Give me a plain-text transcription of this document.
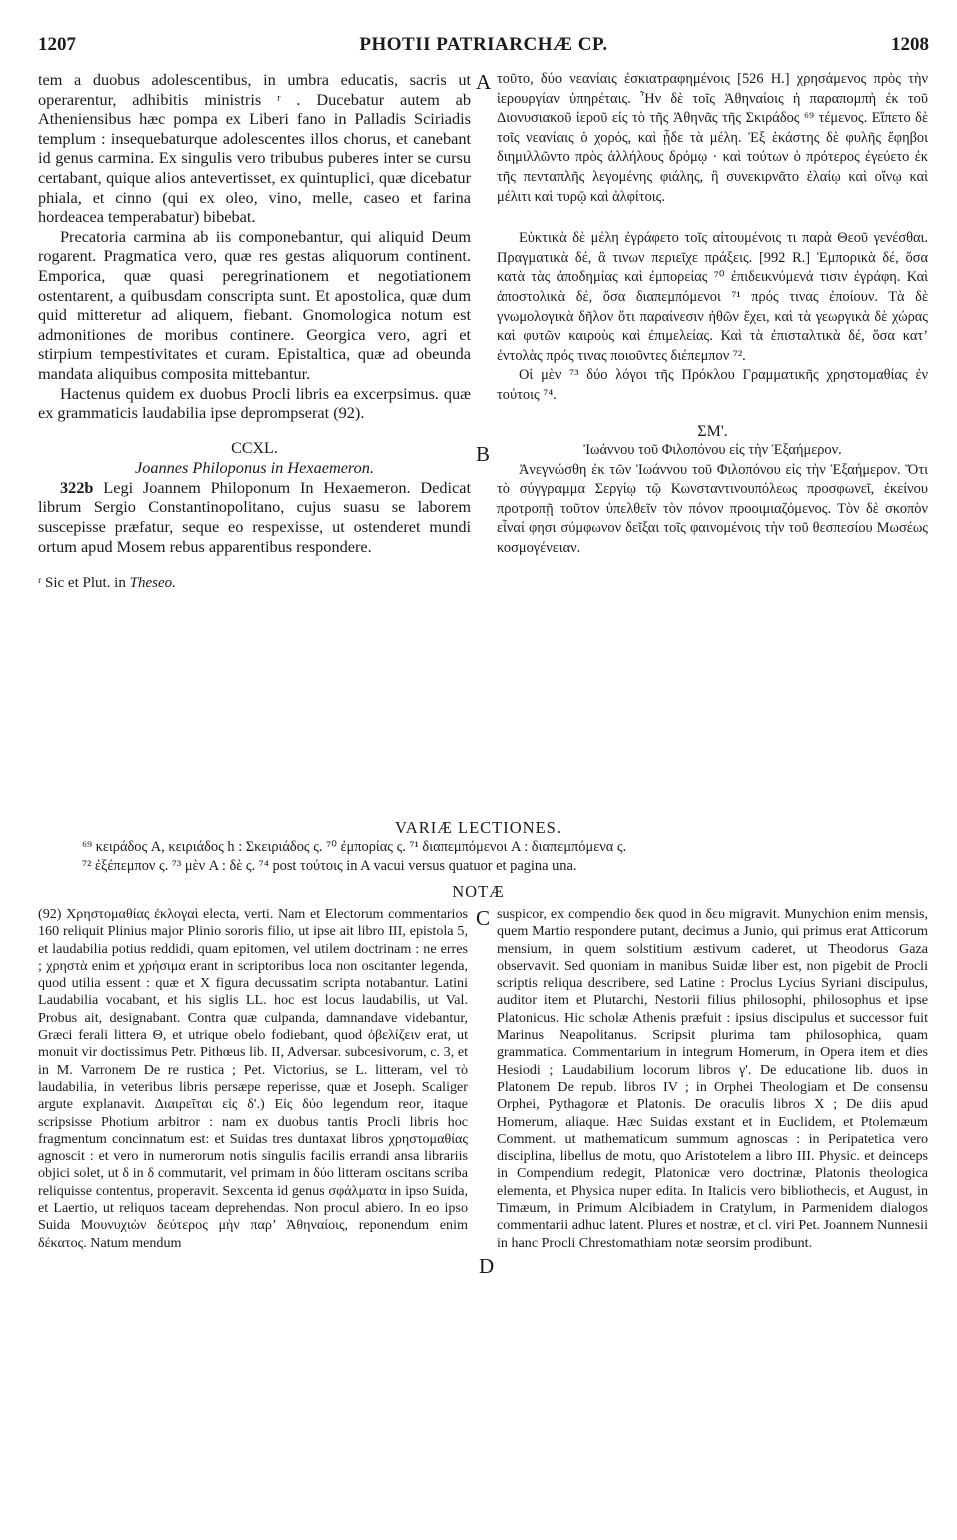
1207	PHOTII PATRIARCHÆ CP.	1208
A
B
C
D

tem a duobus adolescentibus, in umbra educatis, sacris ut operarentur, adhibitis ministris ʳ . Ducebatur autem ab Atheniensibus hæc pompa ex Liberi fano in Palladis Sciriadis templum : insequebaturque adolescentes illos chorus, et canebant id genus carmina. Ex singulis vero tribubus puberes inter se cursu certabant, quique alios antevertisset, ex quintuplici, quæ dicebatur phiala, et cinno (qui ex oleo, vino, melle, caseo et farina hordeacea temperabatur) bibebat.

Precatoria carmina ab iis componebantur, qui aliquid Deum rogarent. Pragmatica vero, quæ res gestas aliquorum continent. Emporica, quæ quasi peregrinationem et negotiationem ostentarent, a quibusdam conscripta sunt. Et apostolica, quæ dum quid mitteretur ad aliquem, fiebant. Gnomologica notum est admonitiones de moribus continere. Georgica vero, agri et stirpium tempestivitates et curam. Epistaltica, quæ ad obeunda mandata aliquibus composita mittebantur.

Hactenus quidem ex duobus Procli libris ea excerpsimus. quæ ex grammaticis laudabilia ipse deprompserat (92).

CCXL.

Joannes Philoponus in Hexaemeron.

322b Legi Joannem Philoponum In Hexaemeron. Dedicat librum Sergio Constantinopolitano, cujus suasu se laborem suscepisse præfatur, seque eo respexisse, ut ostenderet mundi ortum apud Mosem rebus apparentibus respondere.

ʳ Sic et Plut. in Theseo.

τοῦτο, δύο νεανίαις ἐσκιατραφημένοις [526 H.] χρησάμενος πρὸς τὴν ἱερουργίαν ὑπηρέταις. Ἦν δὲ τοῖς Ἀθηναίοις ἡ παραπομπὴ ἐκ τοῦ Διονυσιακοῦ ἱεροῦ εἰς τὸ τῆς Ἀθηνᾶς τῆς Σκιράδος ⁶⁹ τέμενος. Εἵπετο δὲ τοῖς νεανίαις ὁ χορός, καὶ ᾖδε τὰ μέλη. Ἐξ ἑκάστης δὲ φυλῆς ἔφηβοι διημιλλῶντο πρὸς ἀλλήλους δρόμῳ · καὶ τούτων ὁ πρότερος ἐγεύετο ἐκ τῆς πενταπλῆς λεγομένης φιάλης, ἣ συνεκιρνᾶτο ἐλαίῳ καὶ οἴνῳ καὶ μέλιτι καὶ τυρῷ καὶ ἀλφίτοις.

Εὐκτικὰ δὲ μέλη ἐγράφετο τοῖς αἰτουμένοις τι παρὰ Θεοῦ γενέσθαι. Πραγματικὰ δέ, ἃ τινων περιεῖχε πράξεις. [992 R.] Ἐμπορικὰ δέ, ὅσα κατὰ τὰς ἀποδημίας καὶ ἐμπορείας ⁷⁰ ἐπιδεικνύμενά τισιν ἐγράφη. Καὶ ἀποστολικὰ δέ, ὅσα διαπεμπόμενοι ⁷¹ πρός τινας ἐποίουν. Τὰ δὲ γνωμολογικὰ δῆλον ὅτι παραίνεσιν ἠθῶν ἔχει, καὶ τὰ γεωργικὰ δὲ χώρας καὶ φυτῶν καιροὺς καὶ ἐπιμελείας. Καὶ τὰ ἐπισταλτικὰ δέ, ὅσα κατ’ ἐντολὰς πρός τινας ποιοῦντες διέπεμπον ⁷².

Οἱ μὲν ⁷³ δύο λόγοι τῆς Πρόκλου Γραμματικῆς χρηστομαθίας ἐν τούτοις ⁷⁴.

ΣΜ'.

Ἰωάννου τοῦ Φιλοπόνου εἰς τὴν Ἑξαήμερον.

Ἀνεγνώσθη ἐκ τῶν Ἰωάννου τοῦ Φιλοπόνου εἰς τὴν Ἑξαήμερον. Ὅτι τὸ σύγγραμμα Σεργίῳ τῷ Κωνσταντινουπόλεως προσφωνεῖ, ἐκείνου προτροπῇ τοῦτον ὑπελθεῖν τὸν πόνον προοιμιαζόμενος. Τὸν δὲ σκοπὸν εἶναί φησι σύμφωνον δεῖξαι τοῖς φαινομένοις τὴν τοῦ θεσπεσίου Μωσέως κοσμογένειαν.

VARIÆ LECTIONES.

⁶⁹ κειράδος A, κειριάδος h : Σκειριάδος ς. ⁷⁰ ἐμπορίας ς. ⁷¹ διαπεμπόμενοι A : διαπεμπόμενα ς.

⁷² ἐξέπεμπον ς. ⁷³ μὲν A : δὲ ς. ⁷⁴ post τούτοις in A vacui versus quatuor et pagina una.

NOTÆ

(92) Χρηστομαθίας ἐκλογαὶ electa, verti. Nam et Electorum commentarios 160 reliquit Plinius major Plinio sororis filio, ut ipse ait libro III, epistola 5, et laudabilia potius reddidi, quam epitomen, vel utilem doctrinam : ne erres ; χρηστὰ enim et χρήσιμα erant in scriptoribus loca non oscitanter legenda, quod utilia essent : quæ et X figura decussatim scripta notabantur. Latini Laudabilia vocabant, et his siglis LL. hoc est locus laudabilis, ut Val. Probus ait, designabant. Contra quæ culpanda, damnandave videbantur, Græci ferali littera Θ, et utrique obelo fodiebant, quod ὀβελίζειν erat, ut monuit vir doctissimus Petr. Pithœus lib. II, Adversar. subcesivorum, c. 3, et in M. Varronem De re rustica ; Pet. Victorius, se L. litteram, vel τὸ laudabilia, in veteribus libris persæpe reperisse, quæ et Joseph. Scaliger argute explanavit. Διαιρεῖται εἰς δ'.) Εἰς δύο legendum reor, itaque scripsisse Photium arbitror : nam ex duobus tantis Procli libris hoc fragmentum concinnatum est: et Suidas tres duntaxat libros χρηστομαθίας agnoscit : et vero in numerorum notis singulis facilis errandi ansa librariis objici solet, ut δ in δ commutarit, vel primam in δύο litteram oscitans scriba reliquisse contentus, properavit. Sexcenta id genus σφάλματα in ipso Suida, et Laertio, ut reliquos taceam deprehendas. Non procul abiero. In eo ipso Suida Μουνυχιὼν δεύτερος μὴν παρ’ Ἀθηναίοις, reponendum enim δέκατος. Natum mendum

suspicor, ex compendio δεκ quod in δευ migravit. Munychion enim mensis, quem Martio respondere putant, decimus a Junio, qui primus erat Atticorum mensium, in quem solstitium æstivum caderet, ut Theodorus Gaza observavit. Sed quoniam in manibus Suidæ liber est, non pigebit de Procli scriptis reliqua describere, sed Latine : Proclus Lycius Syriani discipulus, auditor item et Plutarchi, Nestorii filius philosophi, philosophus et ipse Platonicus. Hic scholæ Athenis præfuit : ipsius discipulus et successor fuit Marinus Neapolitanus. Scripsit plurima tam philosophica, quam grammatica. Commentarium in integrum Homerum, in Opera item et dies Hesiodi ; Laudabilium locorum libros γ'. De educatione lib. duos in Platonem De repub. libros IV ; in Orphei Theologiam et De consensu Orphei, Pythagoræ et Platonis. De oraculis libros X ; De diis apud Homerum, aliaque. Hæc Suidas exstant et in Euclidem, et Ptolemæum Comment. ut mathematicum summum agnoscas : in Peripatetica vero disciplina, libellus de motu, quo Aristotelem a libro III. Physic. et deinceps in Compendium redegit, Platonicæ vero doctrinæ, Platonis theologica elementa, et Physica nuper edita. In Italicis vero bibliothecis, et August, in Timæum, in Primum Alcibiadem in Cratylum, in Parmenidem dialogos commentarii adhuc latent. Plures et nostræ, et cl. viri Pet. Joannem Nunnesii in hanc Procli Chrestomathiam notæ seorsim prodibunt.
